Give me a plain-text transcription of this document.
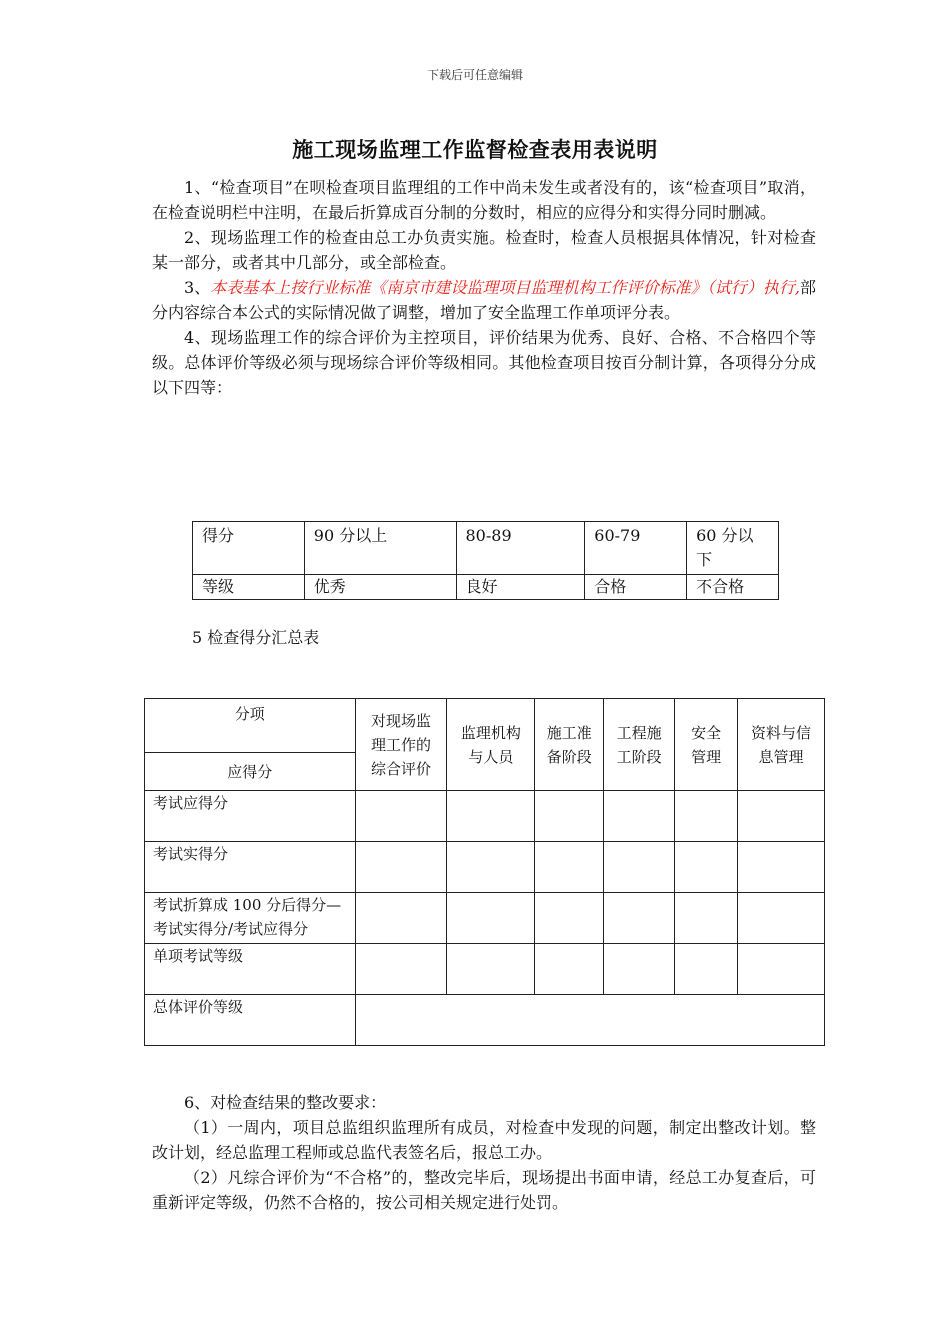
下载后可任意编辑
施工现场监理工作监督检查表用表说明

1、“检查项目”在呗检查项目监理组的工作中尚未发生或者没有的，该“检查项目”取消，在检查说明栏中注明，在最后折算成百分制的分数时，相应的应得分和实得分同时删减。

2、现场监理工作的检查由总工办负责实施。检查时，检查人员根据具体情况，针对检查某一部分，或者其中几部分，或全部检查。

3、本表基本上按行业标准《南京市建设监理项目监理机构工作评价标准》（试行）执行,部分内容综合本公式的实际情况做了调整，增加了安全监理工作单项评分表。

4、现场监理工作的综合评价为主控项目，评价结果为优秀、良好、合格、不合格四个等级。总体评价等级必须与现场综合评价等级相同。其他检查项目按百分制计算，各项得分分成以下四等：

得分	90 分以上	80-89	60-79	60 分以下
等级	优秀	良好	合格	不合格
5 检查得分汇总表
分项	对现场监理工作的综合评价	监理机构与人员	施工准备阶段	工程施工阶段	安全管理	资料与信息管理
应得分						
考试应得分						
考试实得分						
考试折算成 100 分后得分—考试实得分/考试应得分						
单项考试等级						
总体评价等级						

6、对检查结果的整改要求：

（1）一周内，项目总监组织监理所有成员，对检查中发现的问题，制定出整改计划。整改计划，经总监理工程师或总监代表签名后，报总工办。

（2）凡综合评价为“不合格”的，整改完毕后，现场提出书面申请，经总工办复查后，可重新评定等级，仍然不合格的，按公司相关规定进行处罚。
